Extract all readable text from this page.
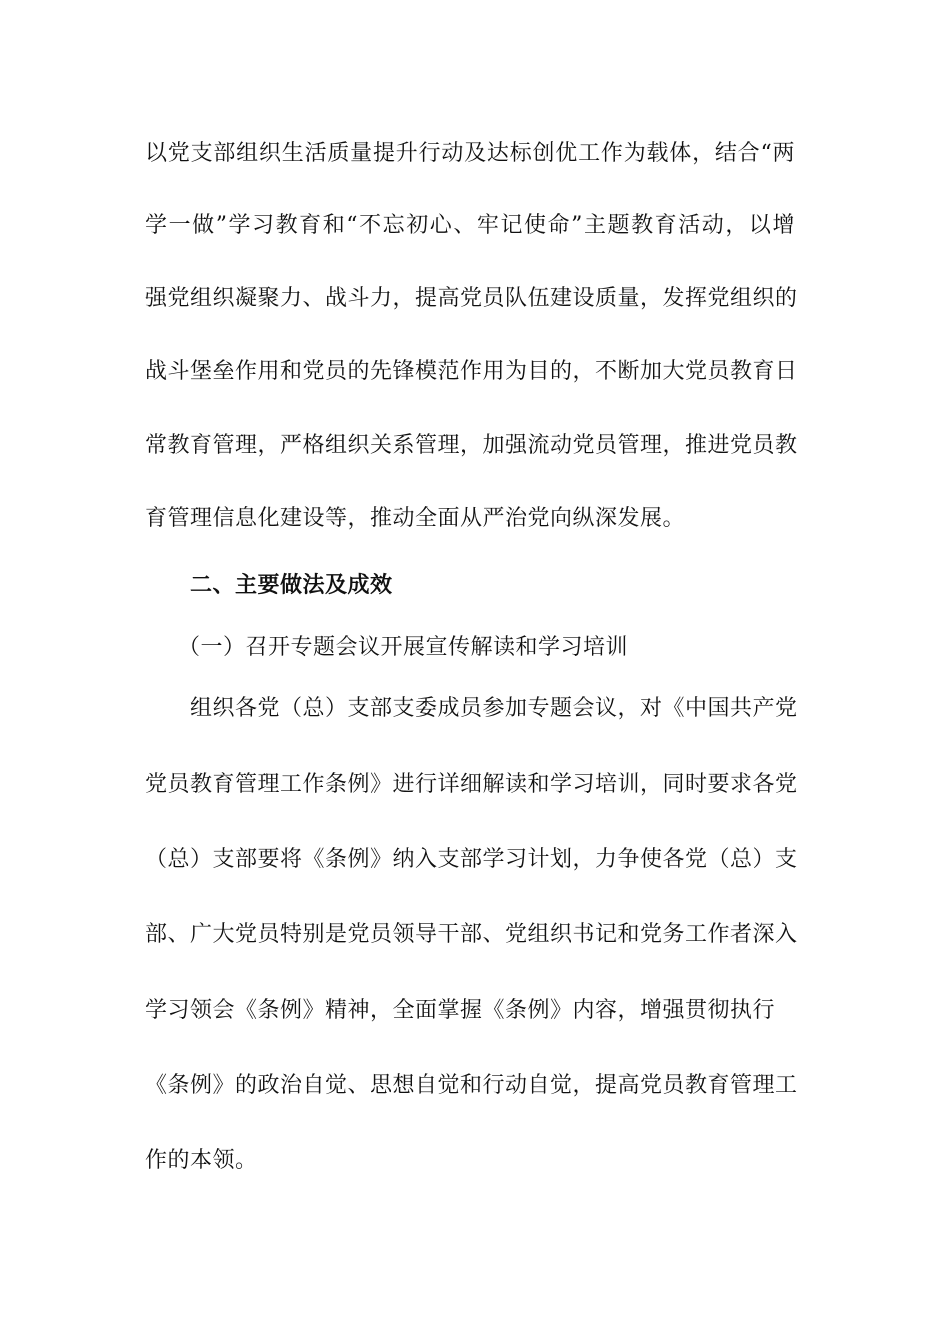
以党支部组织生活质量提升行动及达标创优工作为载体，结合“两
学一做”学习教育和“不忘初心、牢记使命”主题教育活动，以增
强党组织凝聚力、战斗力，提高党员队伍建设质量，发挥党组织的
战斗堡垒作用和党员的先锋模范作用为目的，不断加大党员教育日
常教育管理，严格组织关系管理，加强流动党员管理，推进党员教
育管理信息化建设等，推动全面从严治党向纵深发展。
二、主要做法及成效
（一）召开专题会议开展宣传解读和学习培训
组织各党（总）支部支委成员参加专题会议，对《中国共产党
党员教育管理工作条例》进行详细解读和学习培训，同时要求各党
（总）支部要将《条例》纳入支部学习计划，力争使各党（总）支
部、广大党员特别是党员领导干部、党组织书记和党务工作者深入
学习领会《条例》精神，全面掌握《条例》内容，增强贯彻执行
《条例》的政治自觉、思想自觉和行动自觉，提高党员教育管理工
作的本领。
